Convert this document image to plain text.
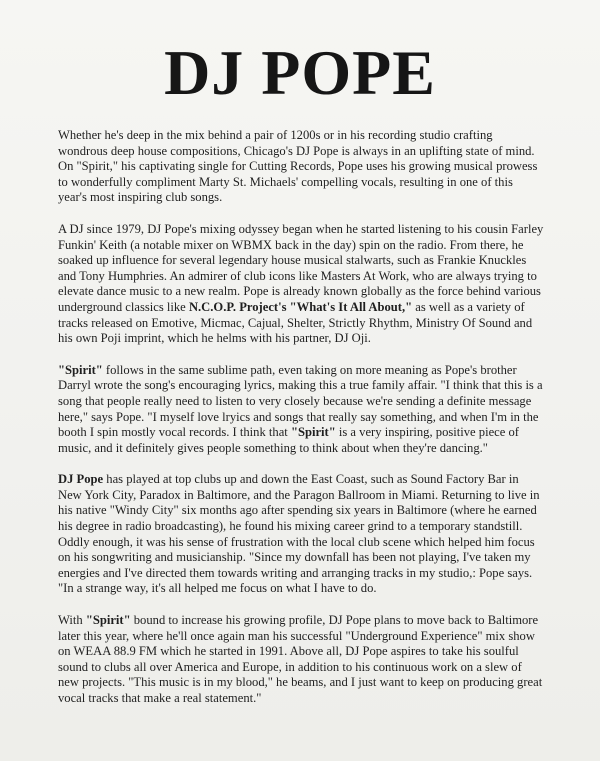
DJ POPE

Whether he's deep in the mix behind a pair of 1200s or in his recording studio crafting wondrous deep house compositions, Chicago's DJ Pope is always in an uplifting state of mind. On "Spirit," his captivating single for Cutting Records, Pope uses his growing musical prowess to wonderfully compliment Marty St. Michaels' compelling vocals, resulting in one of this year's most inspiring club songs.

A DJ since 1979, DJ Pope's mixing odyssey began when he started listening to his cousin Farley Funkin' Keith (a notable mixer on WBMX back in the day) spin on the radio. From there, he soaked up influence for several legendary house musical stalwarts, such as Frankie Knuckles and Tony Humphries. An admirer of club icons like Masters At Work, who are always trying to elevate dance music to a new realm. Pope is already known globally as the force behind various underground classics like N.C.O.P. Project's "What's It All About," as well as a variety of tracks released on Emotive, Micmac, Cajual, Shelter, Strictly Rhythm, Ministry Of Sound and his own Poji imprint, which he helms with his partner, DJ Oji.

"Spirit" follows in the same sublime path, even taking on more meaning as Pope's brother Darryl wrote the song's encouraging lyrics, making this a true family affair. "I think that this is a song that people really need to listen to very closely because we're sending a definite message here," says Pope. "I myself love lryics and songs that really say something, and when I'm in the booth I spin mostly vocal records. I think that "Spirit" is a very inspiring, positive piece of music, and it definitely gives people something to think about when they're dancing."

DJ Pope has played at top clubs up and down the East Coast, such as Sound Factory Bar in New York City, Paradox in Baltimore, and the Paragon Ballroom in Miami. Returning to live in his native "Windy City" six months ago after spending six years in Baltimore (where he earned his degree in radio broadcasting), he found his mixing career grind to a temporary standstill. Oddly enough, it was his sense of frustration with the local club scene which helped him focus on his songwriting and musicianship. "Since my downfall has been not playing, I've taken my energies and I've directed them towards writing and arranging tracks in my studio,: Pope says. "In a strange way, it's all helped me focus on what I have to do.

With "Spirit" bound to increase his growing profile, DJ Pope plans to move back to Baltimore later this year, where he'll once again man his successful "Underground Experience" mix show on WEAA 88.9 FM which he started in 1991. Above all, DJ Pope aspires to take his soulful sound to clubs all over America and Europe, in addition to his continuous work on a slew of new projects. "This music is in my blood," he beams, and I just want to keep on producing great vocal tracks that make a real statement."
